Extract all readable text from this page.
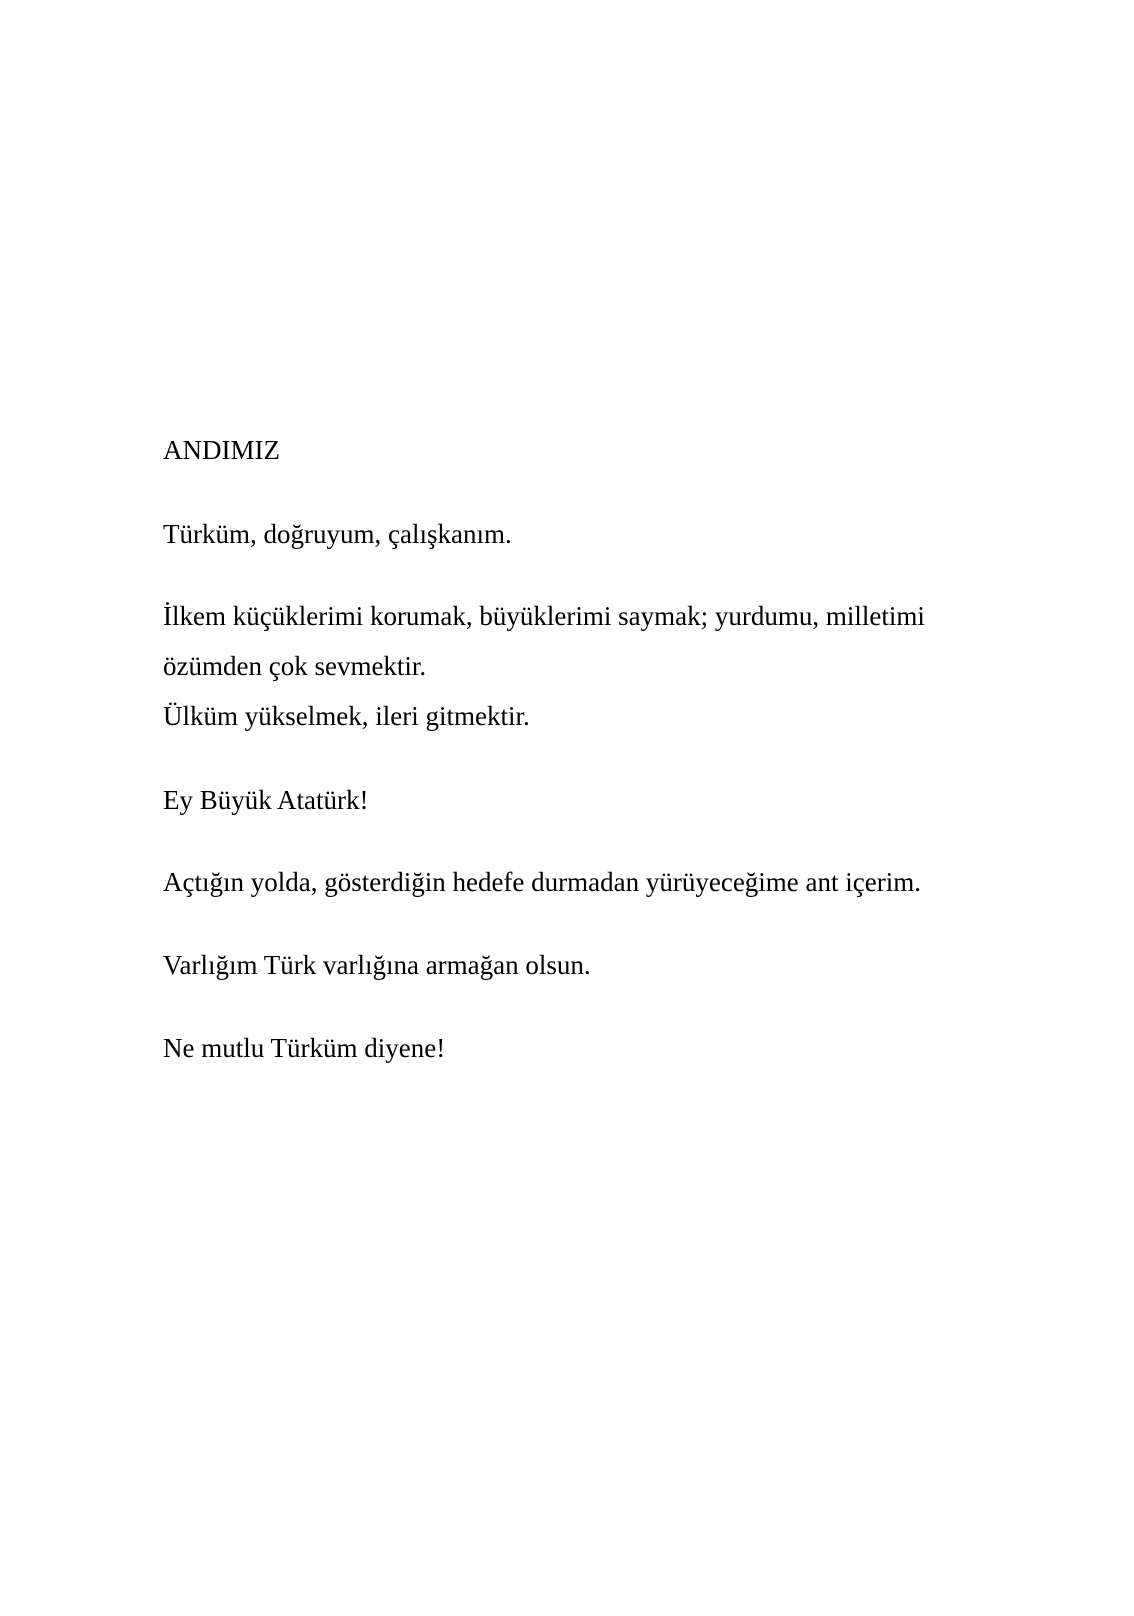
ANDIMIZ
Türküm, doğruyum, çalışkanım.
İlkem küçüklerimi korumak, büyüklerimi saymak; yurdumu, milletimi
özümden çok sevmektir.
Ülküm yükselmek, ileri gitmektir.
Ey Büyük Atatürk!
Açtığın yolda, gösterdiğin hedefe durmadan yürüyeceğime ant içerim.
Varlığım Türk varlığına armağan olsun.
Ne mutlu Türküm diyene!
